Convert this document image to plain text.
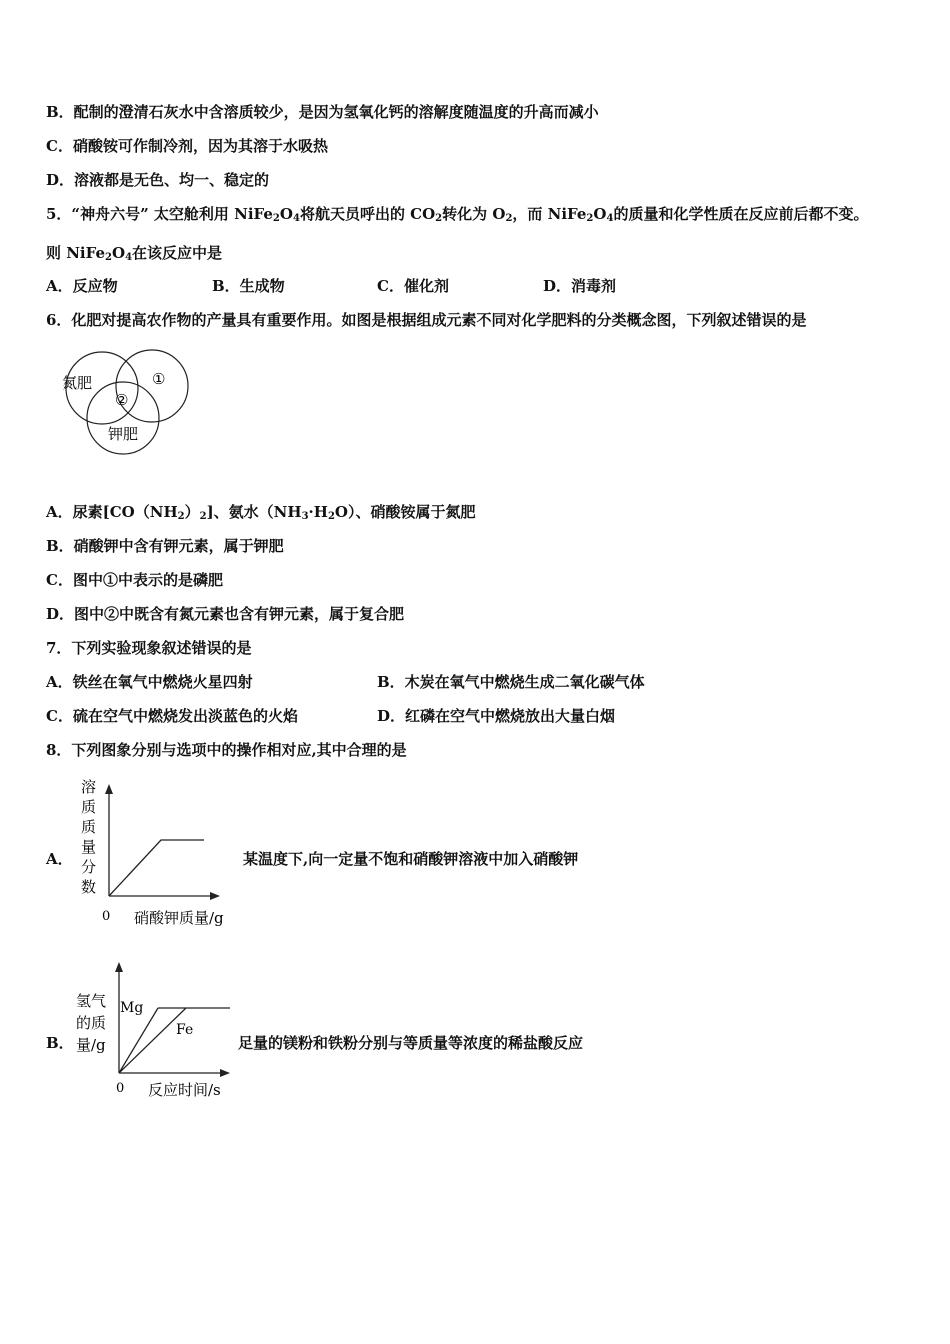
B．配制的澄清石灰水中含溶质较少，是因为氢氧化钙的溶解度随温度的升高而减小
C．硝酸铵可作制冷剂，因为其溶于水吸热
D．溶液都是无色、均一、稳定的
5．“神舟六号” 太空舱利用 $NiFe_2O_4$将航天员呼出的 $CO_2$转化为 $O_2$，而 $NiFe_2O_4$的质量和化学性质在反应前后都不变。
则 $NiFe_2O_4$在该反应中是
A．反应物	B．生成物	C．催化剂	D．消毒剂
6．化肥对提高农作物的产量具有重要作用。如图是根据组成元素不同对化学肥料的分类概念图，下列叙述错误的是
氮肥	①
②
钾肥
A．尿素$[CO(NH_2)_2]$、氨水$(NH_3\cdot H_2O)$、硝酸铵属于氮肥
B．硝酸钾中含有钾元素，属于钾肥
C．图中①中表示的是磷肥
D．图中②中既含有氮元素也含有钾元素，属于复合肥
7．下列实验现象叙述错误的是
A．铁丝在氧气中燃烧火星四射	B．木炭在氧气中燃烧生成二氧化碳气体
C．硫在空气中燃烧发出淡蓝色的火焰	D．红磷在空气中燃烧放出大量白烟
8．下列图象分别与选项中的操作相对应,其中合理的是
A．
溶
质
质
量
分
数
0 硝酸钾质量/g
某温度下,向一定量不饱和硝酸钾溶液中加入硝酸钾
B．
氢气
的质
量/g
Mg
Fe
0 反应时间/s
足量的镁粉和铁粉分别与等质量等浓度的稀盐酸反应
